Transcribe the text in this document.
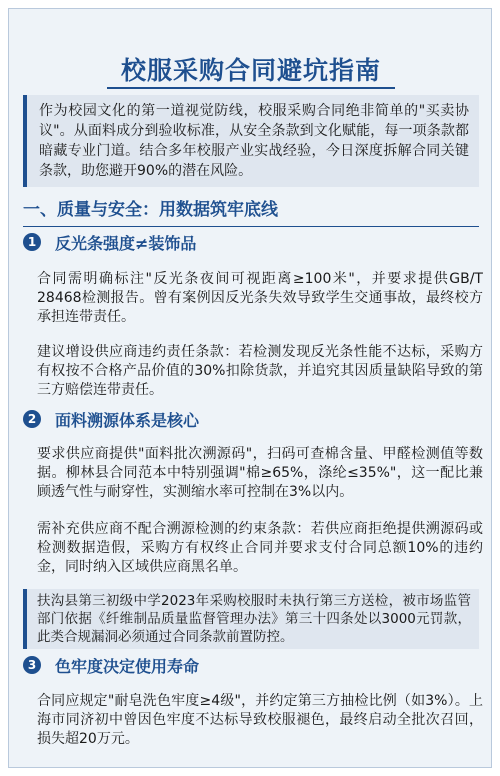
校服采购合同避坑指南
作为校园文化的第一道视觉防线，校服采购合同绝非简单的"买卖协议"。从面料成分到验收标准，从安全条款到文化赋能，每一项条款都暗藏专业门道。结合多年校服产业实战经验，今日深度拆解合同关键条款，助您避开90%的潜在风险。
一、质量与安全：用数据筑牢底线
1	反光条强度≠装饰品
合同需明确标注"反光条夜间可视距离≥100米"，并要求提供GB/T 28468检测报告。曾有案例因反光条失效导致学生交通事故，最终校方承担连带责任。
建议增设供应商违约责任条款：若检测发现反光条性能不达标，采购方有权按不合格产品价值的30%扣除货款，并追究其因质量缺陷导致的第三方赔偿连带责任。
2	面料溯源体系是核心
要求供应商提供"面料批次溯源码"，扫码可查棉含量、甲醛检测值等数据。柳林县合同范本中特别强调"棉≥65%，涤纶≤35%"，这一配比兼顾透气性与耐穿性，实测缩水率可控制在3%以内。
需补充供应商不配合溯源检测的约束条款：若供应商拒绝提供溯源码或检测数据造假，采购方有权终止合同并要求支付合同总额10%的违约金，同时纳入区域供应商黑名单。
扶沟县第三初级中学2023年采购校服时未执行第三方送检，被市场监管部门依据《纤维制品质量监督管理办法》第三十四条处以3000元罚款，此类合规漏洞必须通过合同条款前置防控。
3	色牢度决定使用寿命
合同应规定"耐皂洗色牢度≥4级"，并约定第三方抽检比例（如3%）。上海市同济初中曾因色牢度不达标导致校服褪色，最终启动全批次召回，损失超20万元。
